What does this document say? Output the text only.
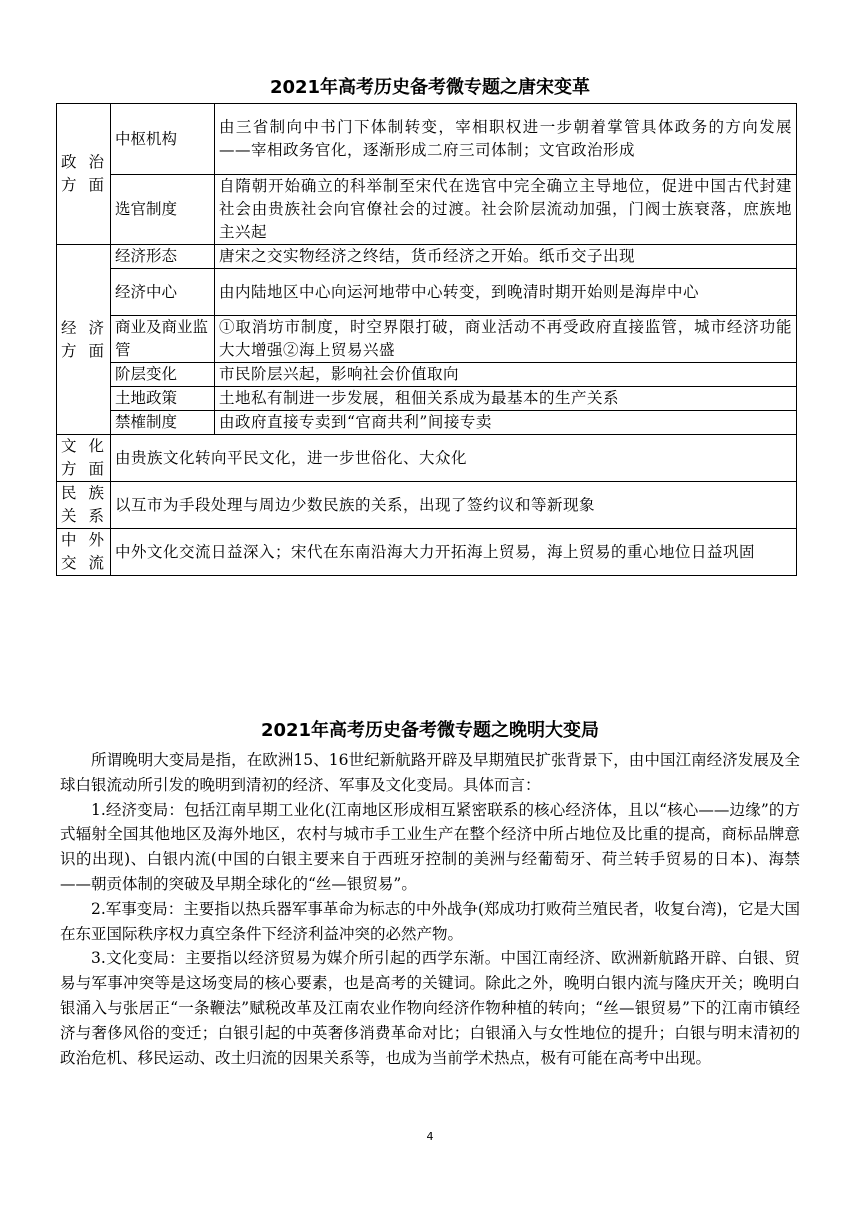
2021年高考历史备考微专题之唐宋变革
政治方面	中枢机构	由三省制向中书门下体制转变，宰相职权进一步朝着掌管具体政务的方向发展——宰相政务官化，逐渐形成二府三司体制；文官政治形成
	选官制度	自隋朝开始确立的科举制至宋代在选官中完全确立主导地位，促进中国古代封建社会由贵族社会向官僚社会的过渡。社会阶层流动加强，门阀士族衰落，庶族地主兴起
经济方面	经济形态	唐宋之交实物经济之终结，货币经济之开始。纸币交子出现
	经济中心	由内陆地区中心向运河地带中心转变，到晚清时期开始则是海岸中心
	商业及商业监管	①取消坊市制度，时空界限打破，商业活动不再受政府直接监管，城市经济功能大大增强②海上贸易兴盛
	阶层变化	市民阶层兴起，影响社会价值取向
	土地政策	土地私有制进一步发展，租佃关系成为最基本的生产关系
	禁榷制度	由政府直接专卖到“官商共利”间接专卖
文化方面	由贵族文化转向平民文化，进一步世俗化、大众化	
民族关系	以互市为手段处理与周边少数民族的关系，出现了签约议和等新现象	
中外交流	中外文化交流日益深入；宋代在东南沿海大力开拓海上贸易，海上贸易的重心地位日益巩固	
2021年高考历史备考微专题之晚明大变局

所谓晚明大变局是指，在欧洲15、16世纪新航路开辟及早期殖民扩张背景下，由中国江南经济发展及全球白银流动所引发的晚明到清初的经济、军事及文化变局。具体而言：

1.经济变局：包括江南早期工业化(江南地区形成相互紧密联系的核心经济体，且以“核心——边缘”的方式辐射全国其他地区及海外地区，农村与城市手工业生产在整个经济中所占地位及比重的提高，商标品牌意识的出现)、白银内流(中国的白银主要来自于西班牙控制的美洲与经葡萄牙、荷兰转手贸易的日本)、海禁——朝贡体制的突破及早期全球化的“丝—银贸易”。

2.军事变局：主要指以热兵器军事革命为标志的中外战争(郑成功打败荷兰殖民者，收复台湾)，它是大国在东亚国际秩序权力真空条件下经济利益冲突的必然产物。

3.文化变局：主要指以经济贸易为媒介所引起的西学东渐。中国江南经济、欧洲新航路开辟、白银、贸易与军事冲突等是这场变局的核心要素，也是高考的关键词。除此之外，晚明白银内流与隆庆开关；晚明白银涌入与张居正“一条鞭法”赋税改革及江南农业作物向经济作物种植的转向；“丝—银贸易”下的江南市镇经济与奢侈风俗的变迁；白银引起的中英奢侈消费革命对比；白银涌入与女性地位的提升；白银与明末清初的政治危机、移民运动、改土归流的因果关系等，也成为当前学术热点，极有可能在高考中出现。

4
